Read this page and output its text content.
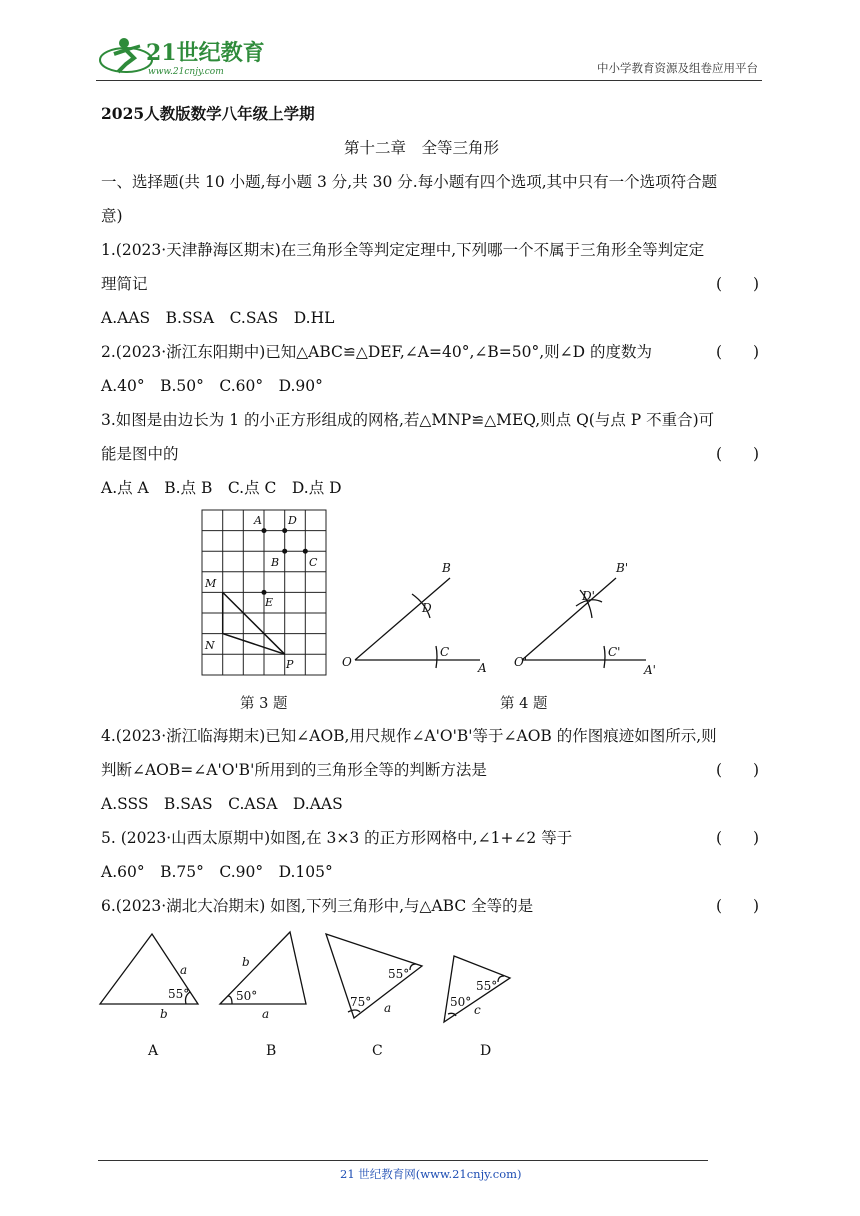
21世纪教育
www.21cnjy.com	中小学教育资源及组卷应用平台
2025人教版数学八年级上学期
第十二章　全等三角形
一、选择题(共 10 小题,每小题 3 分,共 30 分.每小题有四个选项,其中只有一个选项符合题
意)
1.(2023·天津静海区期末)在三角形全等判定定理中,下列哪一个不属于三角形全等判定定
理简记	(　　)
A.AAS　B.SSA　C.SAS　D.HL
2.(2023·浙江东阳期中)已知△ABC≌△DEF,∠A=40°,∠B=50°,则∠D 的度数为	(　　)
A.40°　B.50°　C.60°　D.90°
3.如图是由边长为 1 的小正方形组成的网格,若△MNP≌△MEQ,则点 Q(与点 P 不重合)可
能是图中的	(　　)
A.点 A　B.点 B　C.点 C　D.点 D
A D
B	C
M
E
N
P
第 3 题
O	A
B
C
D
O'
A'
B'
C'
D'
第 4 题
4.(2023·浙江临海期末)已知∠AOB,用尺规作∠A'O'B'等于∠AOB 的作图痕迹如图所示,则
判断∠AOB=∠A'O'B'所用到的三角形全等的判断方法是	(　　)
A.SSS　B.SAS　C.ASA　D.AAS
5. (2023·山西太原期中)如图,在 3×3 的正方形网格中,∠1+∠2 等于	(　　)
A.60°　B.75°　C.90°　D.105°
6.(2023·湖北大冶期末) 如图,下列三角形中,与△ABC 全等的是	(　　)
a
b
b
a	a	c
55°	50°
55°
75°
55°
50°
A	B	C	D
21 世纪教育网(www.21cnjy.com)
